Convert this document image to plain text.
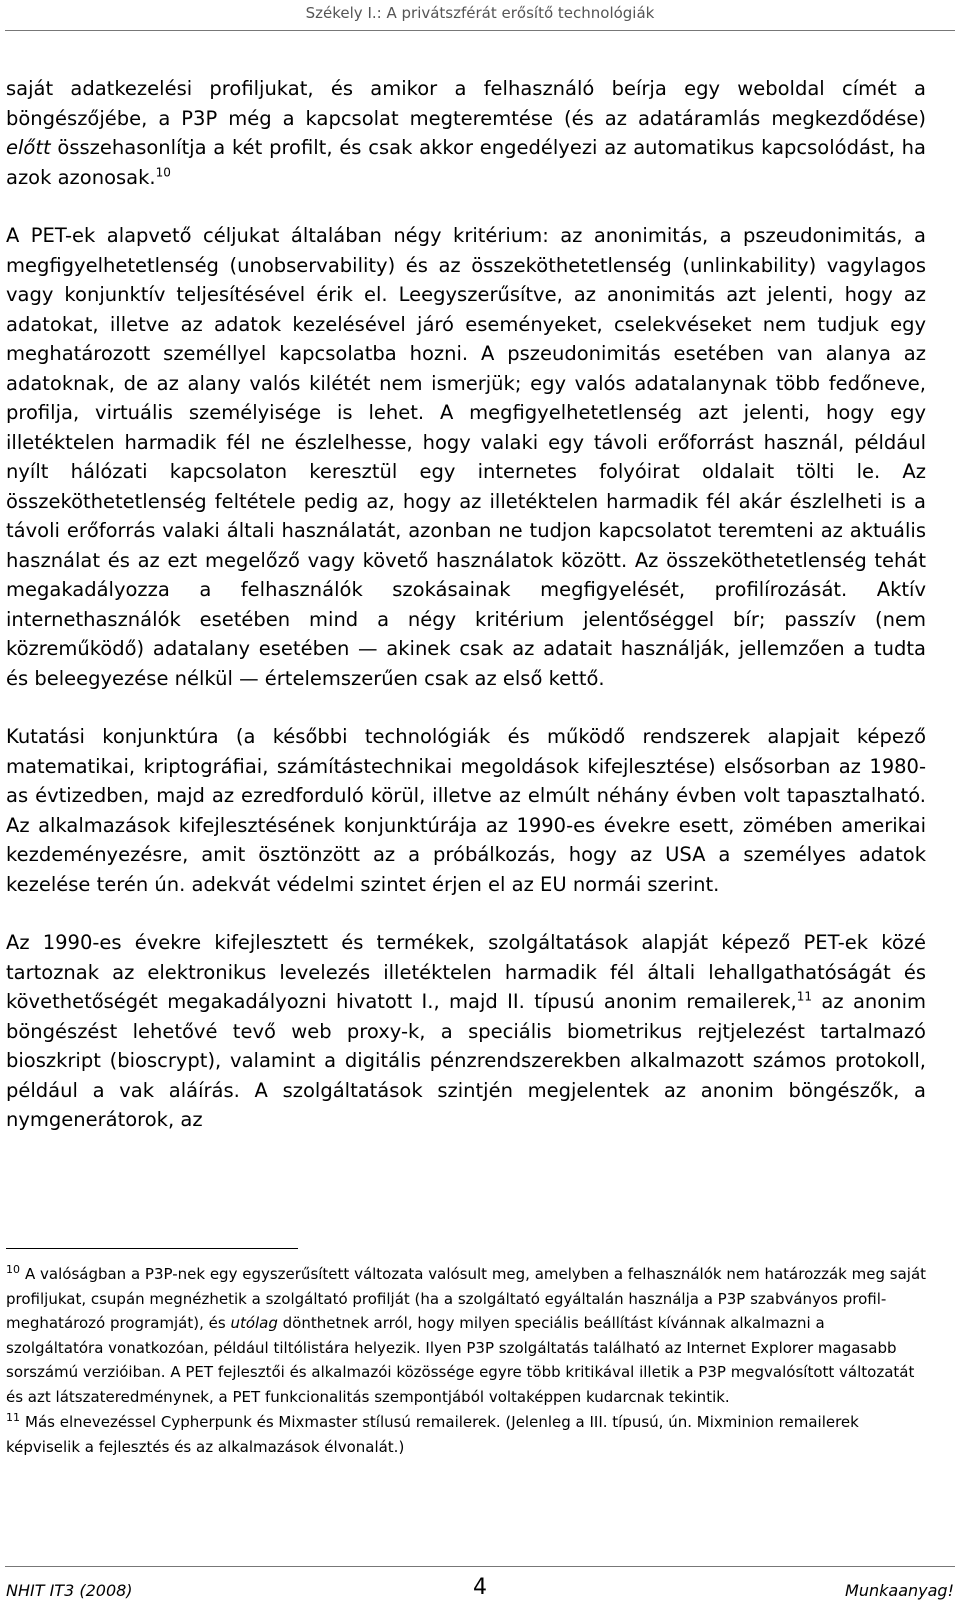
Székely I.: A privátszférát erősítő technológiák

saját adatkezelési profiljukat, és amikor a felhasználó beírja egy weboldal címét a böngészőjébe, a P3P még a kapcsolat megteremtése (és az adatáramlás megkezdődése) előtt összehasonlítja a két profilt, és csak akkor engedélyezi az automatikus kapcsolódást, ha azok azonosak.$^{10}$

A PET-ek alapvető céljukat általában négy kritérium: az anonimitás, a pszeudonimitás, a megfigyelhetetlenség (unobservability) és az összeköthetetlenség (unlinkability) vagylagos vagy konjunktív teljesítésével érik el. Leegyszerűsítve, az anonimitás azt jelenti, hogy az adatokat, illetve az adatok kezelésével járó eseményeket, cselekvéseket nem tudjuk egy meghatározott személlyel kapcsolatba hozni. A pszeudonimitás esetében van alanya az adatoknak, de az alany valós kilétét nem ismerjük; egy valós adatalanynak több fedőneve, profilja, virtuális személyisége is lehet. A megfigyelhetetlenség azt jelenti, hogy egy illetéktelen harmadik fél ne észlelhesse, hogy valaki egy távoli erőforrást használ, például nyílt hálózati kapcsolaton keresztül egy internetes folyóirat oldalait tölti le. Az összeköthetetlenség feltétele pedig az, hogy az illetéktelen harmadik fél akár észlelheti is a távoli erőforrás valaki általi használatát, azonban ne tudjon kapcsolatot teremteni az aktuális használat és az ezt megelőző vagy követő használatok között. Az összeköthetetlenség tehát megakadályozza a felhasználók szokásainak megfigyelését, profilírozását. Aktív internethasználók esetében mind a négy kritérium jelentőséggel bír; passzív (nem közreműködő) adatalany esetében — akinek csak az adatait használják, jellemzően a tudta és beleegyezése nélkül — értelemszerűen csak az első kettő.

Kutatási konjunktúra (a későbbi technológiák és működő rendszerek alapjait képező matematikai, kriptográfiai, számítástechnikai megoldások kifejlesztése) elsősorban az 1980-as évtizedben, majd az ezredforduló körül, illetve az elmúlt néhány évben volt tapasztalható. Az alkalmazások kifejlesztésének konjunktúrája az 1990-es évekre esett, zömében amerikai kezdeményezésre, amit ösztönzött az a próbálkozás, hogy az USA a személyes adatok kezelése terén ún. adekvát védelmi szintet érjen el az EU normái szerint.

Az 1990-es évekre kifejlesztett és termékek, szolgáltatások alapját képező PET-ek közé tartoznak az elektronikus levelezés illetéktelen harmadik fél általi lehallgathatóságát és követhetőségét megakadályozni hivatott I., majd II. típusú anonim remailerek,$^{11}$ az anonim böngészést lehetővé tevő web proxy-k, a speciális biometrikus rejtjelezést tartalmazó bioszkript (bioscrypt), valamint a digitális pénzrendszerekben alkalmazott számos protokoll, például a vak aláírás. A szolgáltatások szintjén megjelentek az anonim böngészők, a nymgenerátorok, az

$^{10}$ A valóságban a P3P-nek egy egyszerűsített változata valósult meg, amelyben a felhasználók nem határozzák meg saját profiljukat, csupán megnézhetik a szolgáltató profilját (ha a szolgáltató egyáltalán használja a P3P szabványos profil-meghatározó programját), és utólag dönthetnek arról, hogy milyen speciális beállítást kívánnak alkalmazni a szolgáltatóra vonatkozóan, például tiltólistára helyezik. Ilyen P3P szolgáltatás található az Internet Explorer magasabb sorszámú verzióiban. A PET fejlesztői és alkalmazói közössége egyre több kritikával illetik a P3P megvalósított változatát és azt látszateredménynek, a PET funkcionalitás szempontjából voltaképpen kudarcnak tekintik.

$^{11}$ Más elnevezéssel Cypherpunk és Mixmaster stílusú remailerek. (Jelenleg a III. típusú, ún. Mixminion remailerek képviselik a fejlesztés és az alkalmazások élvonalát.)

NHIT IT3 (2008)	4	Munkaanyag!
